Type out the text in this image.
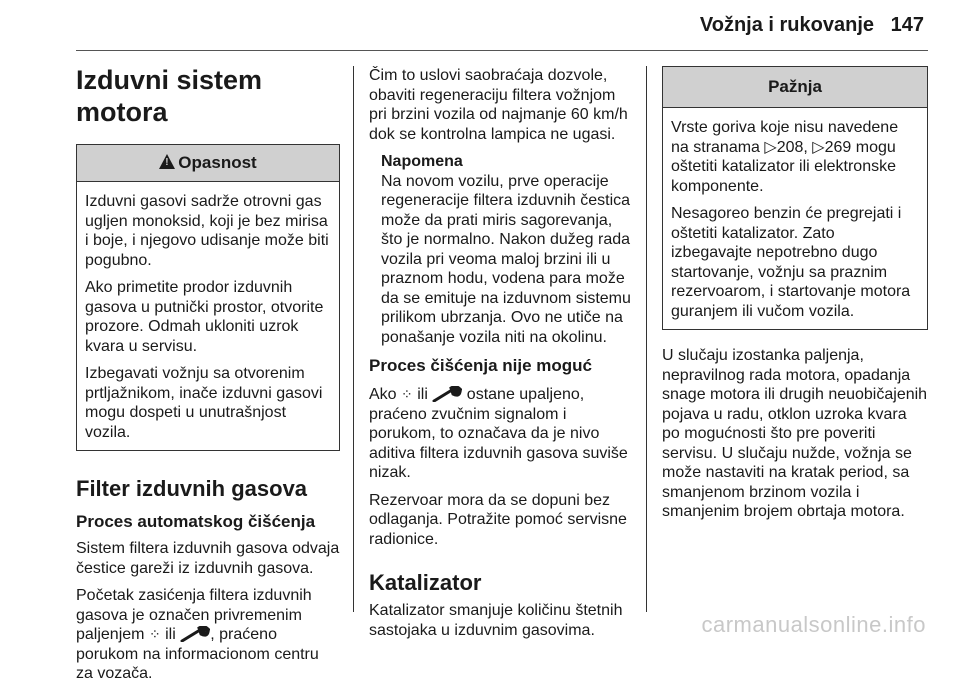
Vožnja i rukovanje 147
Izduvni sistem motora
!Opasnost

Izduvni gasovi sadrže otrovni gas ugljen monoksid, koji je bez mirisa i boje, i njegovo udisanje može biti pogubno.

Ako primetite prodor izduvnih gasova u putnički prostor, otvorite prozore. Odmah ukloniti uzrok kvara u servisu.

Izbegavati vožnju sa otvorenim prtljažnikom, inače izduvni gasovi mogu dospeti u unutrašnjost vozila.

Filter izduvnih gasova
Proces automatskog čišćenja

Sistem filtera izduvnih gasova odvaja čestice gareži iz izduvnih gasova.

Početak zasićenja filtera izduvnih gasova je označen privremenim paljenjem ⁘ ili , praćeno porukom na informacionom centru za vozača.

Čim to uslovi saobraćaja dozvole, obaviti regeneraciju filtera vožnjom pri brzini vozila od najmanje 60 km/h dok se kontrolna lampica ne ugasi.

Napomena

Na novom vozilu, prve operacije regeneracije filtera izduvnih čestica može da prati miris sagorevanja, što je normalno. Nakon dužeg rada vozila pri veoma maloj brzini ili u praznom hodu, vodena para može da se emituje na izduvnom sistemu prilikom ubrzanja. Ovo ne utiče na ponašanje vozila niti na okolinu.

Proces čišćenja nije moguć

Ako ⁘ ili ostane upaljeno, praćeno zvučnim signalom i porukom, to označava da je nivo aditiva filtera izduvnih gasova suviše nizak.

Rezervoar mora da se dopuni bez odlaganja. Potražite pomoć servisne radionice.

Katalizator

Katalizator smanjuje količinu štetnih sastojaka u izduvnim gasovima.

Pažnja

Vrste goriva koje nisu navedene na stranama ▷208, ▷269 mogu oštetiti katalizator ili elektronske komponente.

Nesagoreo benzin će pregrejati i oštetiti katalizator. Zato izbegavajte nepotrebno dugo startovanje, vožnju sa praznim rezervoarom, i startovanje motora guranjem ili vučom vozila.

U slučaju izostanka paljenja, nepravilnog rada motora, opadanja snage motora ili drugih neuobičajenih pojava u radu, otklon uzroka kvara po mogućnosti što pre poveriti servisu. U slučaju nužde, vožnja se može nastaviti na kratak period, sa smanjenom brzinom vozila i smanjenim brojem obrtaja motora.

carmanualsonline.info
